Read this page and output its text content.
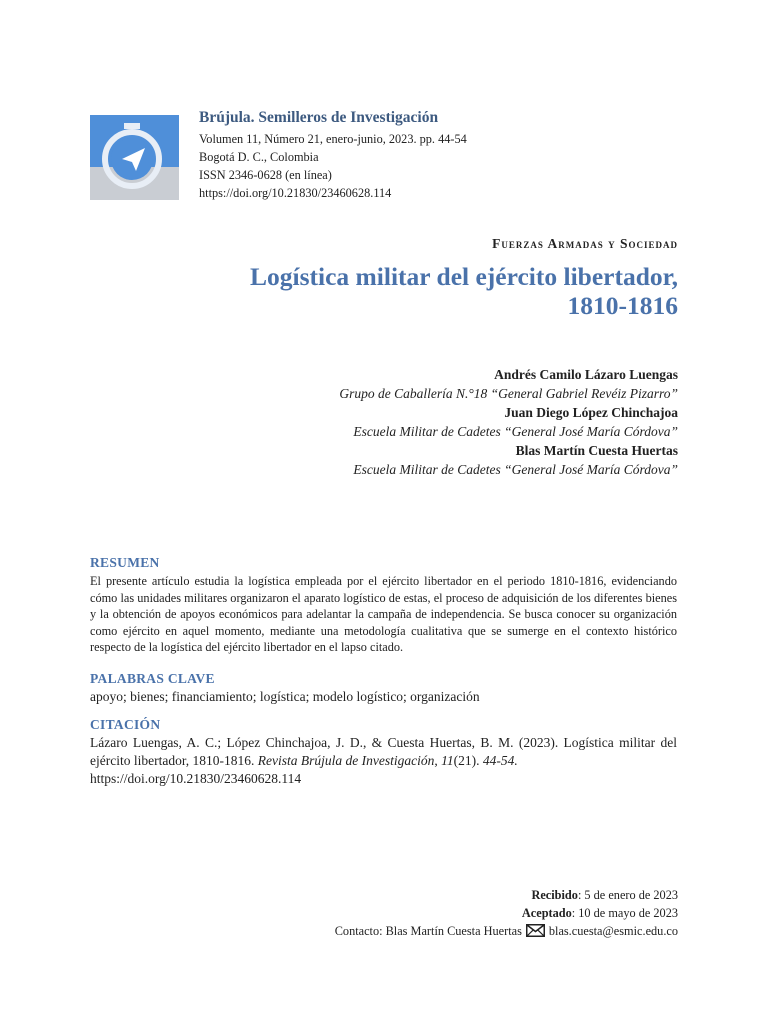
Brújula. Semilleros de Investigación
Volumen 11, Número 21, enero-junio, 2023. pp. 44-54
Bogotá D. C., Colombia
ISSN 2346-0628 (en línea)
https://doi.org/10.21830/23460628.114
Fuerzas Armadas y Sociedad
Logística militar del ejército libertador,
1810-1816
Andrés Camilo Lázaro Luengas
Grupo de Caballería N.°18 “General Gabriel Revéiz Pizarro”
Juan Diego López Chinchajoa
Escuela Militar de Cadetes “General José María Córdova”
Blas Martín Cuesta Huertas
Escuela Militar de Cadetes “General José María Córdova”
RESUMEN

El presente artículo estudia la logística empleada por el ejército libertador en el periodo 1810-1816, evidenciando cómo las unidades militares organizaron el aparato logístico de estas, el proceso de adquisición de los diferentes bienes y la obtención de apoyos económicos para adelantar la campaña de independencia. Se busca conocer su organización como ejército en aquel momento, mediante una metodología cualitativa que se sumerge en el contexto histórico respecto de la logística del ejército libertador en el lapso citado.

PALABRAS CLAVE

apoyo; bienes; financiamiento; logística; modelo logístico; organización

CITACIÓN

Lázaro Luengas, A. C.; López Chinchajoa, J. D., & Cuesta Huertas, B. M. (2023). Logística militar del ejército libertador, 1810-1816. Revista Brújula de Investigación, 11(21). 44-54.
https://doi.org/10.21830/23460628.114

Recibido: 5 de enero de 2023
Aceptado: 10 de mayo de 2023
Contacto: Blas Martín Cuesta Huertas blas.cuesta@esmic.edu.co
